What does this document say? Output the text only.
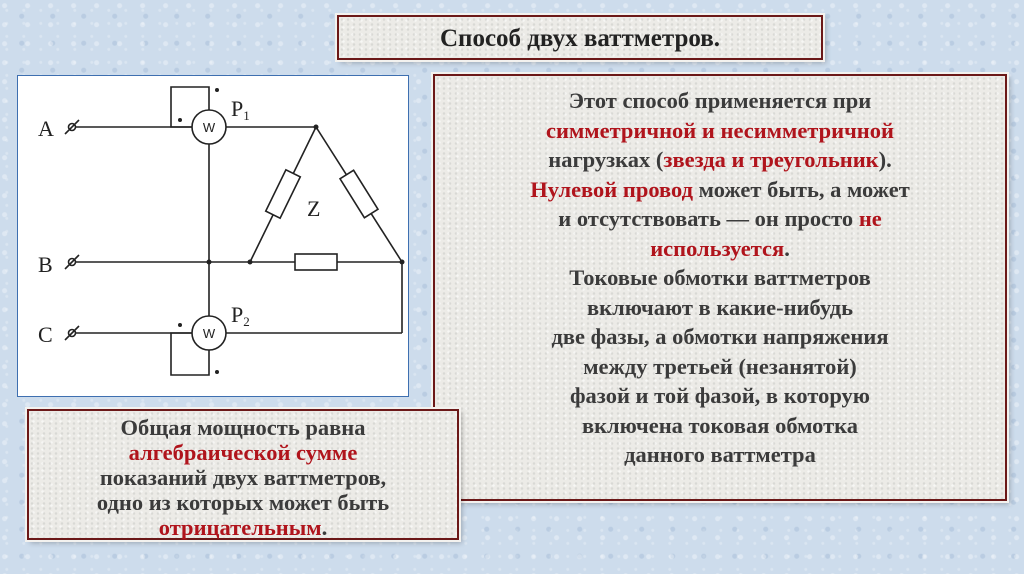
Способ двух ваттметров.

A
B
C
P1
P2
W
W
Z

Этот способ применяется при
симметричной и несимметричной
нагрузках (звезда и треугольник).
Нулевой провод может быть, а может
и отсутствовать — он просто не
используется.
Токовые обмотки ваттметров
включают в какие-нибудь
две фазы, а обмотки напряжения
между третьей (незанятой)
фазой и той фазой, в которую
включена токовая обмотка
данного ваттметра

Общая мощность равна
алгебраической сумме
показаний двух ваттметров,
одно из которых может быть
отрицательным.
